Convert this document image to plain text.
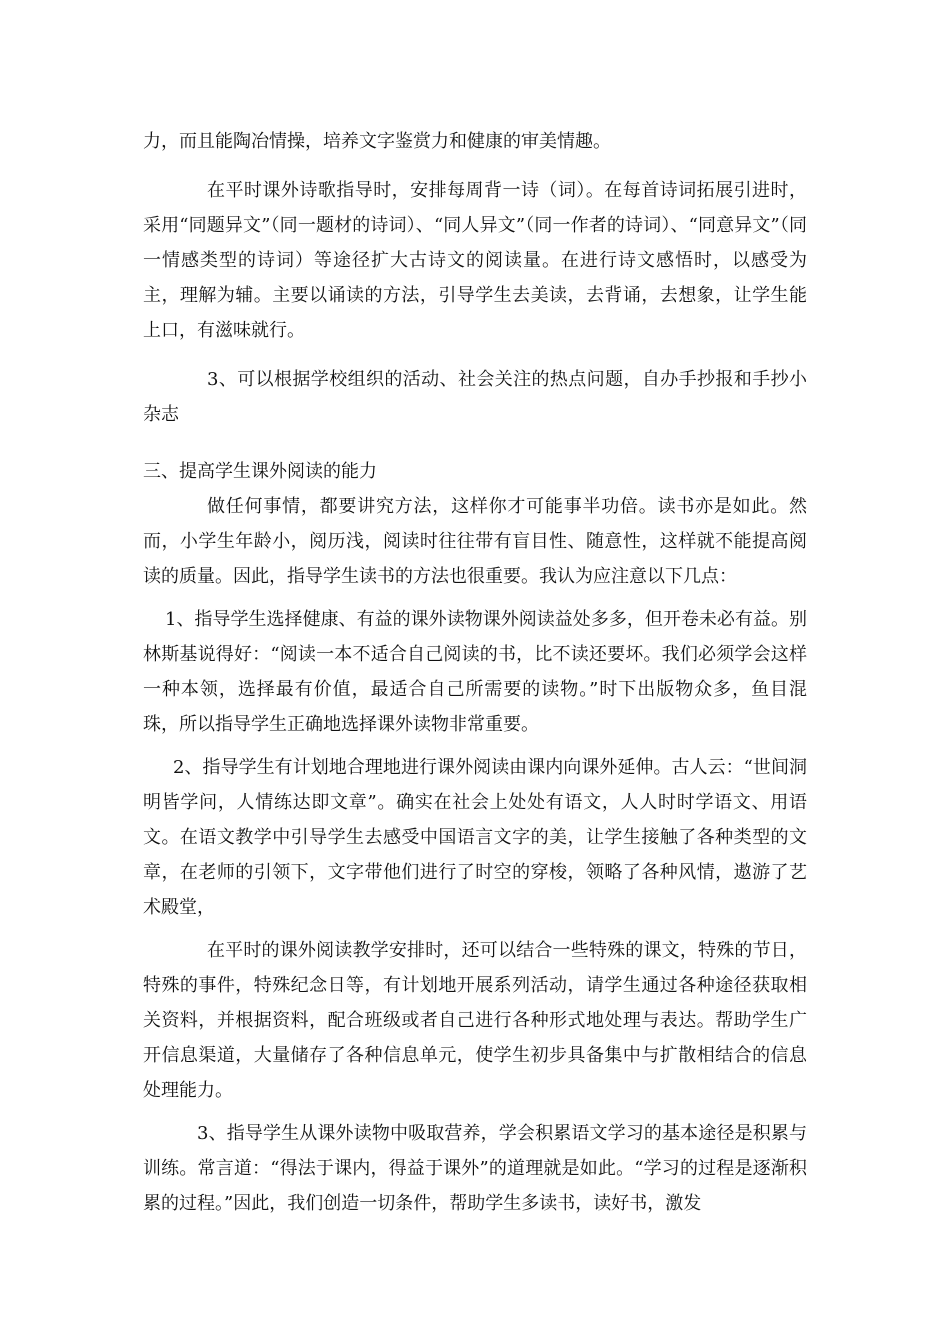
力，而且能陶冶情操，培养文字鉴赏力和健康的审美情趣。

在平时课外诗歌指导时，安排每周背一诗（词）。在每首诗词拓展引进时，采用“同题异文”（同一题材的诗词）、“同人异文”（同一作者的诗词）、“同意异文”（同一情感类型的诗词）等途径扩大古诗文的阅读量。在进行诗文感悟时，以感受为主，理解为辅。主要以诵读的方法，引导学生去美读，去背诵，去想象，让学生能上口，有滋味就行。

3、可以根据学校组织的活动、社会关注的热点问题，自办手抄报和手抄小杂志

三、提高学生课外阅读的能力

做任何事情，都要讲究方法，这样你才可能事半功倍。读书亦是如此。然而，小学生年龄小，阅历浅，阅读时往往带有盲目性、随意性，这样就不能提高阅读的质量。因此，指导学生读书的方法也很重要。我认为应注意以下几点：

1、指导学生选择健康、有益的课外读物课外阅读益处多多，但开卷未必有益。别林斯基说得好：“阅读一本不适合自己阅读的书，比不读还要坏。我们必须学会这样一种本领，选择最有价值，最适合自己所需要的读物。”时下出版物众多，鱼目混珠，所以指导学生正确地选择课外读物非常重要。

2、指导学生有计划地合理地进行课外阅读由课内向课外延伸。古人云：“世间洞明皆学问，人情练达即文章”。确实在社会上处处有语文，人人时时学语文、用语文。在语文教学中引导学生去感受中国语言文字的美，让学生接触了各种类型的文章，在老师的引领下，文字带他们进行了时空的穿梭，领略了各种风情，遨游了艺术殿堂，

在平时的课外阅读教学安排时，还可以结合一些特殊的课文，特殊的节日，特殊的事件，特殊纪念日等，有计划地开展系列活动，请学生通过各种途径获取相关资料，并根据资料，配合班级或者自己进行各种形式地处理与表达。帮助学生广开信息渠道，大量储存了各种信息单元，使学生初步具备集中与扩散相结合的信息处理能力。

3、指导学生从课外读物中吸取营养，学会积累语文学习的基本途径是积累与训练。常言道：“得法于课内，得益于课外”的道理就是如此。“学习的过程是逐渐积累的过程。”因此，我们创造一切条件，帮助学生多读书，读好书，激发
